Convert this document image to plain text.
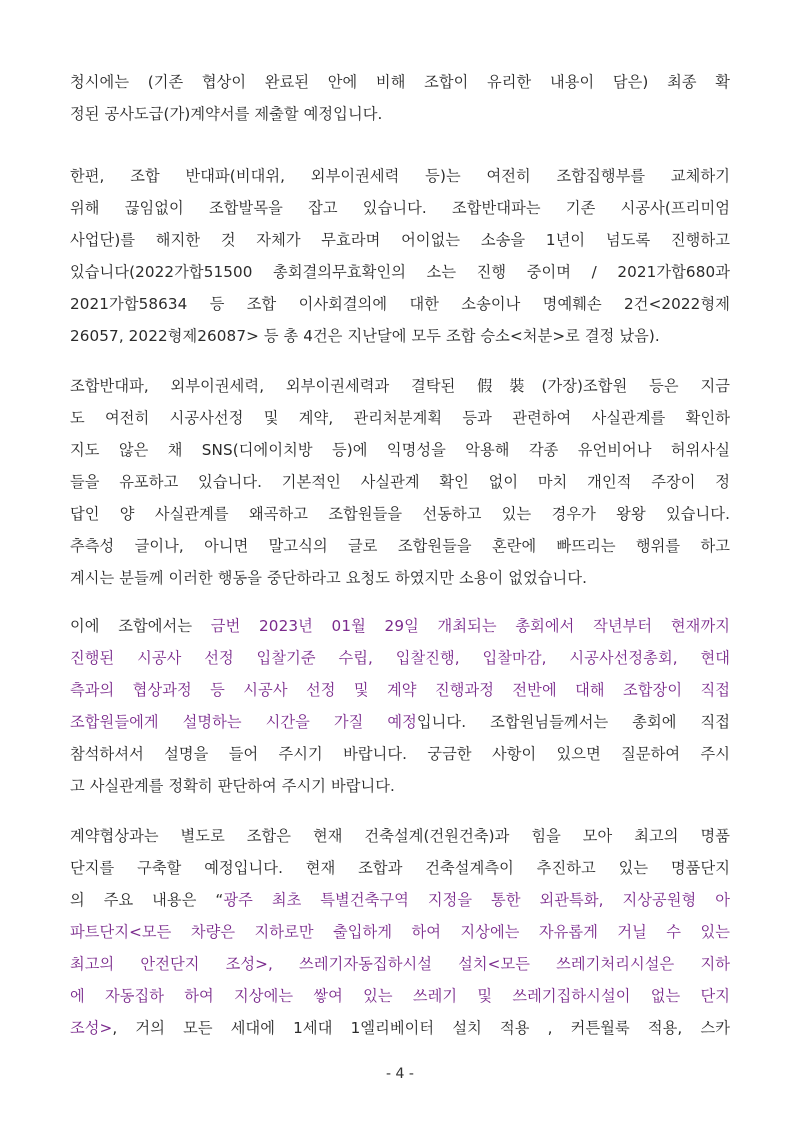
청시에는 (기존 협상이 완료된 안에 비해 조합이 유리한 내용이 담은) 최종 확
정된 공사도급(가)계약서를 제출할 예정입니다.
한편, 조합 반대파(비대위, 외부이권세력 등)는 여전히 조합집행부를 교체하기
위해 끊임없이 조합발목을 잡고 있습니다. 조합반대파는 기존 시공사(프리미엄
사업단)를 해지한 것 자체가 무효라며 어이없는 소송을 1년이 넘도록 진행하고
있습니다(2022가합51500 총회결의무효확인의 소는 진행 중이며 / 2021가합680과
2021가합58634 등 조합 이사회결의에 대한 소송이나 명예훼손 2건<2022형제
26057, 2022형제26087> 등 총 4건은 지난달에 모두 조합 승소<처분>로 결정 났음).
조합반대파, 외부이권세력, 외부이권세력과 결탁된 假裝(가장)조합원 등은 지금
도 여전히 시공사선정 및 계약, 관리처분계획 등과 관련하여 사실관계를 확인하
지도 않은 채 SNS(디에이치방 등)에 익명성을 악용해 각종 유언비어나 허위사실
들을 유포하고 있습니다. 기본적인 사실관계 확인 없이 마치 개인적 주장이 정
답인 양 사실관계를 왜곡하고 조합원들을 선동하고 있는 경우가 왕왕 있습니다.
추측성 글이나, 아니면 말고식의 글로 조합원들을 혼란에 빠뜨리는 행위를 하고
계시는 분들께 이러한 행동을 중단하라고 요청도 하였지만 소용이 없었습니다.
이에 조합에서는 금번 2023년 01월 29일 개최되는 총회에서 작년부터 현재까지
진행된 시공사 선정 입찰기준 수립, 입찰진행, 입찰마감, 시공사선정총회, 현대
측과의 협상과정 등 시공사 선정 및 계약 진행과정 전반에 대해 조합장이 직접
조합원들에게 설명하는 시간을 가질 예정입니다. 조합원님들께서는 총회에 직접
참석하셔서 설명을 들어 주시기 바랍니다. 궁금한 사항이 있으면 질문하여 주시
고 사실관계를 정확히 판단하여 주시기 바랍니다.
계약협상과는 별도로 조합은 현재 건축설계(건원건축)과 힘을 모아 최고의 명품
단지를 구축할 예정입니다. 현재 조합과 건축설계측이 추진하고 있는 명품단지
의 주요 내용은 “광주 최초 특별건축구역 지정을 통한 외관특화, 지상공원형 아
파트단지<모든 차량은 지하로만 출입하게 하여 지상에는 자유롭게 거닐 수 있는
최고의 안전단지 조성>, 쓰레기자동집하시설 설치<모든 쓰레기처리시설은 지하
에 자동집하 하여 지상에는 쌓여 있는 쓰레기 및 쓰레기집하시설이 없는 단지
조성>, 거의 모든 세대에 1세대 1엘리베이터 설치 적용 , 커튼월룩 적용, 스카
- 4 -
